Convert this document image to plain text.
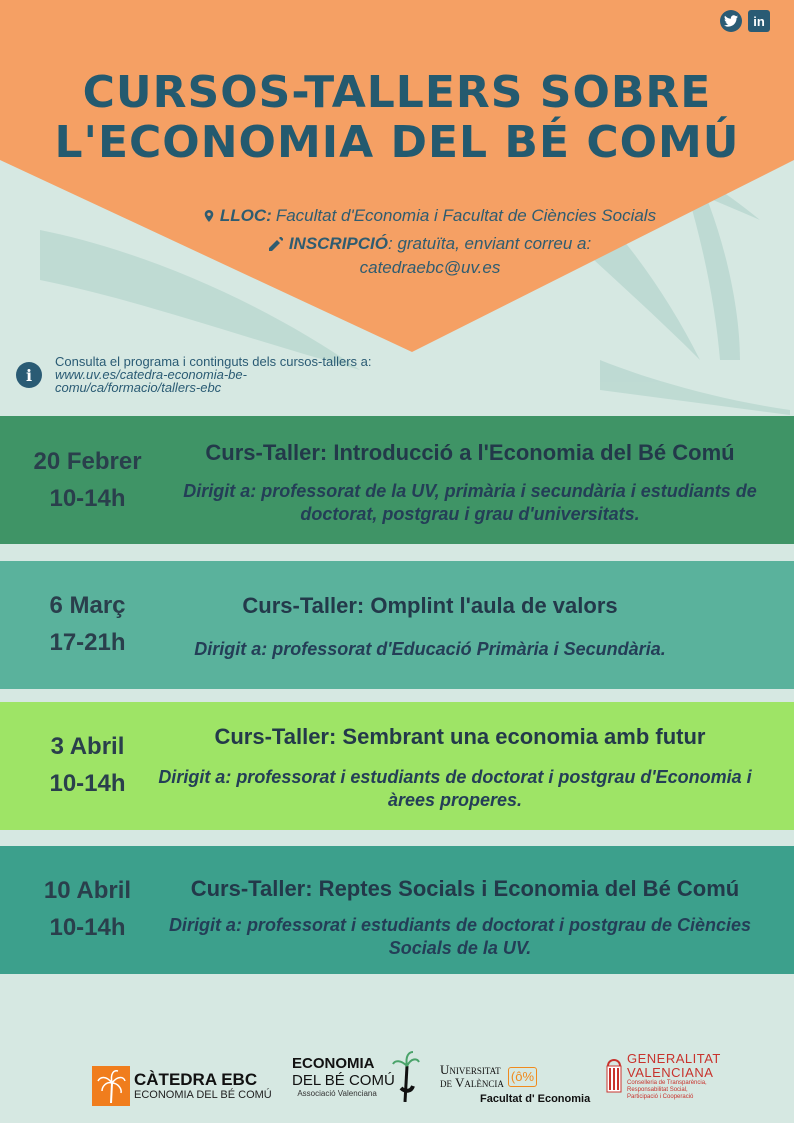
in
CURSOS-TALLERS SOBRE
L'ECONOMIA DEL BÉ COMÚ
LLOC: Facultat d'Economia i Facultat de Ciències Socials
INSCRIPCIÓ : gratuïta, enviant correu a:
catedraebc@uv.es
i
Consulta el programa i continguts dels cursos-tallers a: www.uv.es/catedra-economia-be-comu/ca/formacio/tallers-ebc
20 Febrer
10-14h
Curs-Taller: Introducció a l'Economia del Bé Comú
Dirigit a: professorat de la UV, primària i secundària i estudiants de doctorat, postgrau i grau d'universitats.
6 Març
17-21h
Curs-Taller: Omplint l'aula de valors
Dirigit a: professorat d'Educació Primària i Secundària.
3 Abril
10-14h
Curs-Taller: Sembrant una economia amb futur
Dirigit a: professorat i estudiants de doctorat i postgrau d'Economia i àrees properes.
10 Abril
10-14h
Curs-Taller: Reptes Socials i Economia del Bé Comú
Dirigit a: professorat i estudiants de doctorat i postgrau de Ciències Socials de la UV.
CÀTEDRA EBC
ECONOMIA DEL BÉ COMÚ
ECONOMIA
DEL BÉ COMÚ
Associació Valenciana
Universitat
de València (ô%
Facultat d' Economia
GENERALITAT
VALENCIANA
Conselleria de Transparència,
Responsabilitat Social,
Participació i Cooperació
